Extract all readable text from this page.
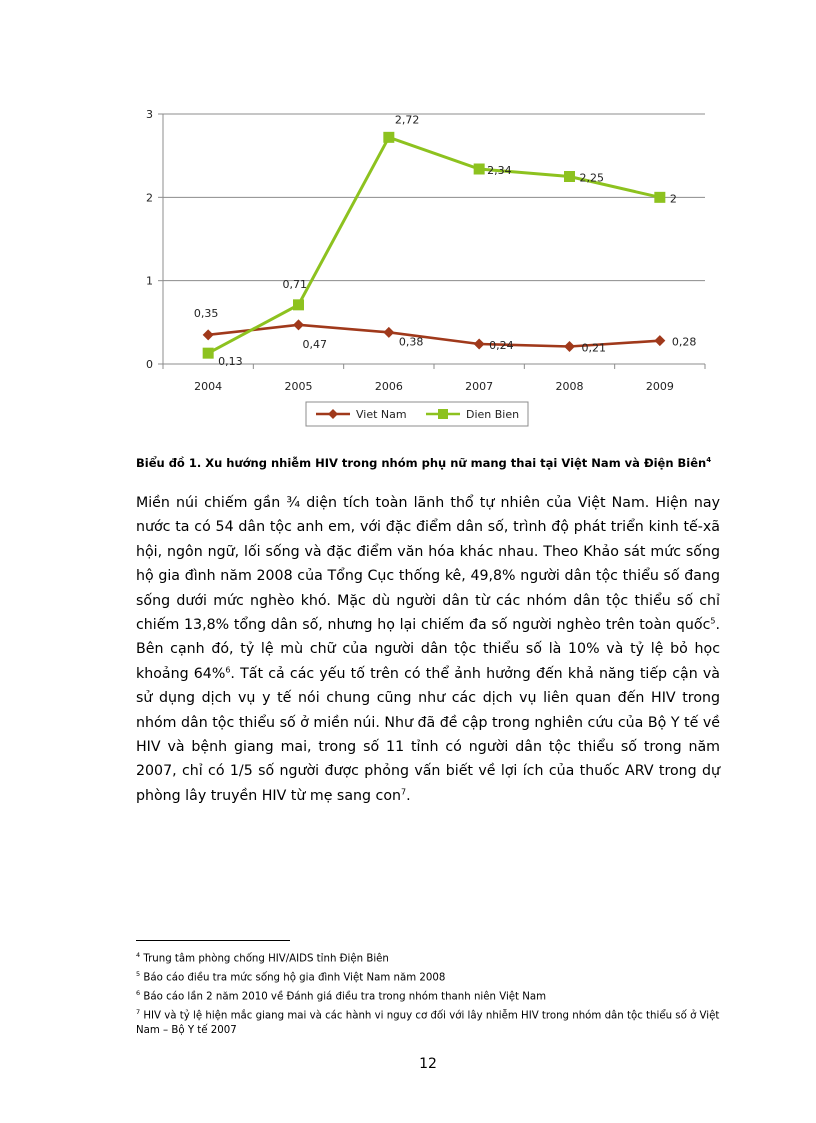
0
1
2
3
2004	2005	2006	2007	2008	2009
0,35
0,47	0,38	0,24	0,21	0,28
0,13
0,71
2,72
2,34
2,25
2
Viet Nam	Dien Bien
Biểu đồ 1. Xu hướng nhiễm HIV trong nhóm phụ nữ mang thai tại Việt Nam và Điện Biên$^4$

Miền núi chiếm gần ¾ diện tích toàn lãnh thổ tự nhiên của Việt Nam. Hiện nay nước ta có 54 dân tộc anh em, với đặc điểm dân số, trình độ phát triển kinh tế-xã hội, ngôn ngữ, lối sống và đặc điểm văn hóa khác nhau. Theo Khảo sát mức sống hộ gia đình năm 2008 của Tổng Cục thống kê, 49,8% người dân tộc thiểu số đang sống dưới mức nghèo khó. Mặc dù người dân từ các nhóm dân tộc thiểu số chỉ chiếm 13,8% tổng dân số, nhưng họ lại chiếm đa số người nghèo trên toàn quốc$^5$. Bên cạnh đó, tỷ lệ mù chữ của người dân tộc thiểu số là 10% và tỷ lệ bỏ học khoảng 64%$^6$. Tất cả các yếu tố trên có thể ảnh hưởng đến khả năng tiếp cận và sử dụng dịch vụ y tế nói chung cũng như các dịch vụ liên quan đến HIV trong nhóm dân tộc thiểu số ở miền núi. Như đã đề cập trong nghiên cứu của Bộ Y tế về HIV và bệnh giang mai, trong số 11 tỉnh có người dân tộc thiểu số trong năm 2007, chỉ có 1/5 số người được phỏng vấn biết về lợi ích của thuốc ARV trong dự phòng lây truyền HIV từ mẹ sang con$^7$.

$^4$ Trung tâm phòng chống HIV/AIDS tỉnh Điện Biên
$^5$ Báo cáo điều tra mức sống hộ gia đình Việt Nam năm 2008
$^6$ Báo cáo lần 2 năm 2010 về Đánh giá điều tra trong nhóm thanh niên Việt Nam
$^7$ HIV và tỷ lệ hiện mắc giang mai và các hành vi nguy cơ đối với lây nhiễm HIV trong nhóm dân tộc thiểu số ở Việt Nam – Bộ Y tế 2007
12
